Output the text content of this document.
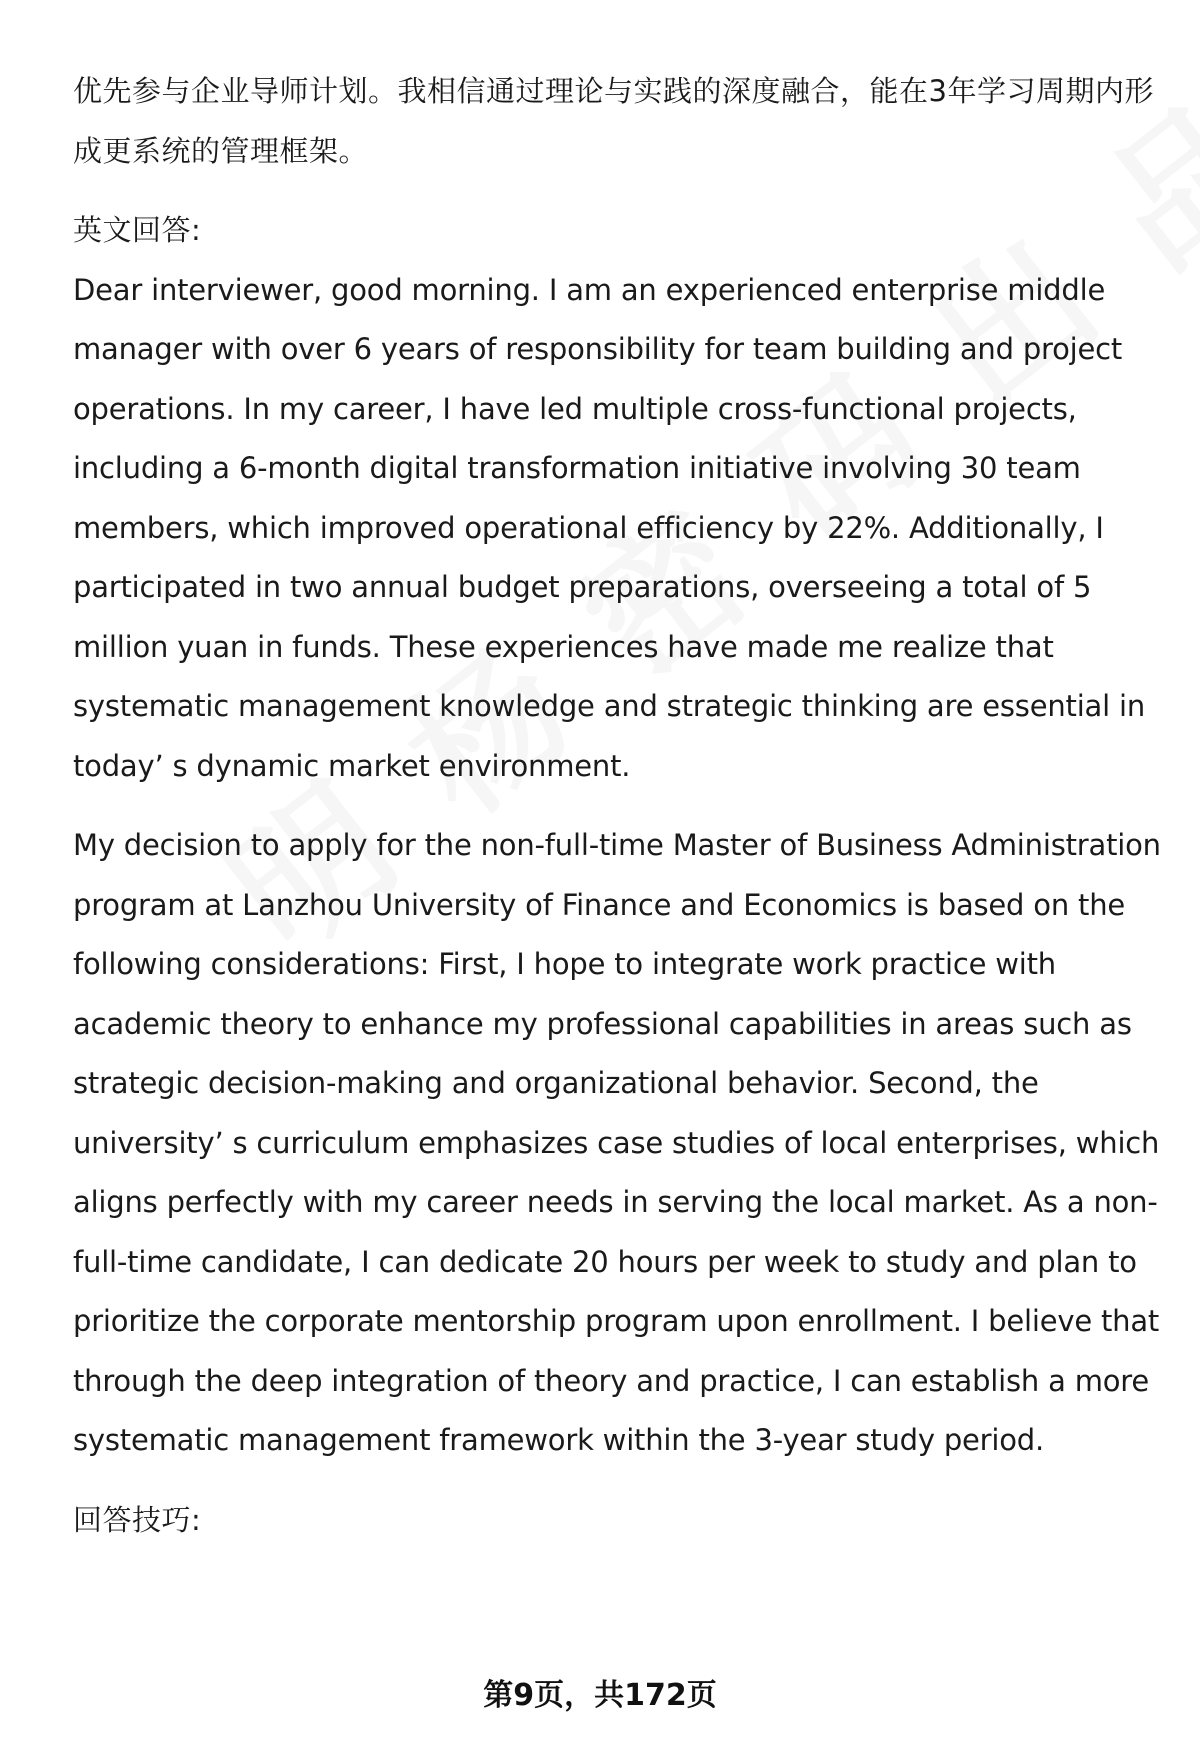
优先参与企业导师计划。我相信通过理论与实践的深度融合，能在3年学习周期内形成更系统的管理框架。

英文回答:

Dear interviewer, good morning. I am an experienced enterprise middle manager with over 6 years of responsibility for team building and project operations. In my career, I have led multiple cross-functional projects, including a 6-month digital transformation initiative involving 30 team members, which improved operational efficiency by 22%. Additionally, I participated in two annual budget preparations, overseeing a total of 5 million yuan in funds. These experiences have made me realize that systematic management knowledge and strategic thinking are essential in today’ s dynamic market environment.

My decision to apply for the non-full-time Master of Business Administration program at Lanzhou University of Finance and Economics is based on the following considerations: First, I hope to integrate work practice with academic theory to enhance my professional capabilities in areas such as strategic decision-making and organizational behavior. Second, the university’ s curriculum emphasizes case studies of local enterprises, which aligns perfectly with my career needs in serving the local market. As a non-full-time candidate, I can dedicate 20 hours per week to study and plan to prioritize the corporate mentorship program upon enrollment. I believe that through the deep integration of theory and practice, I can establish a more systematic management framework within the 3-year study period.

回答技巧:

第9页，共172页
